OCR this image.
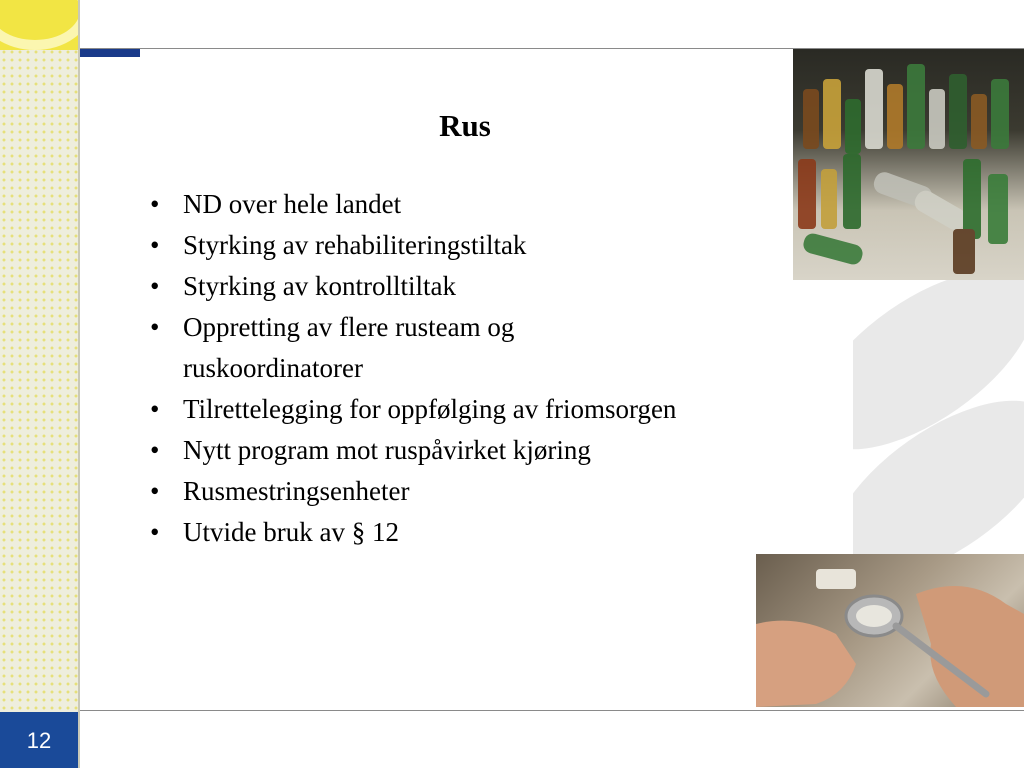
Rus
• ND over hele landet
• Styrking av rehabiliteringstiltak
• Styrking av kontrolltiltak
• Oppretting av flere rusteam og ruskoordinatorer
• Tilrettelegging for oppfølging av friomsorgen
• Nytt program mot ruspåvirket kjøring
• Rusmestringsenheter
• Utvide bruk av § 12
12
